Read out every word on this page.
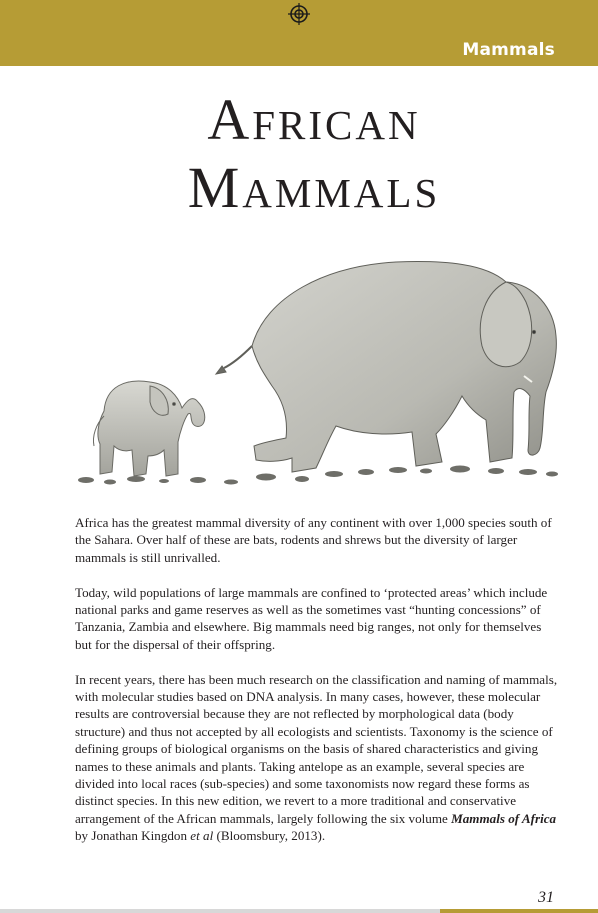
Mammals
African
Mammals

Africa has the greatest mammal diversity of any continent with over 1,000 species south of the Sahara. Over half of these are bats, rodents and shrews but the diversity of larger mammals is still unrivalled.

Today, wild populations of large mammals are confined to ‘protected areas’ which include national parks and game reserves as well as the sometimes vast “hunting concessions” of Tanzania, Zambia and elsewhere. Big mammals need big ranges, not only for themselves but for the dispersal of their offspring.

In recent years, there has been much research on the classification and naming of mammals, with molecular studies based on DNA analysis. In many cases, however, these molecular results are controversial because they are not reflected by morphological data (body structure) and thus not accepted by all ecologists and scientists. Taxonomy is the science of defining groups of biological organisms on the basis of shared characteristics and giving names to these animals and plants. Taking antelope as an example, several species are divided into local races (sub-species) and some taxonomists now regard these forms as distinct species. In this new edition, we revert to a more traditional and conservative arrangement of the African mammals, largely following the six volume Mammals of Africa by Jonathan Kingdon et al (Bloomsbury, 2013).

31
